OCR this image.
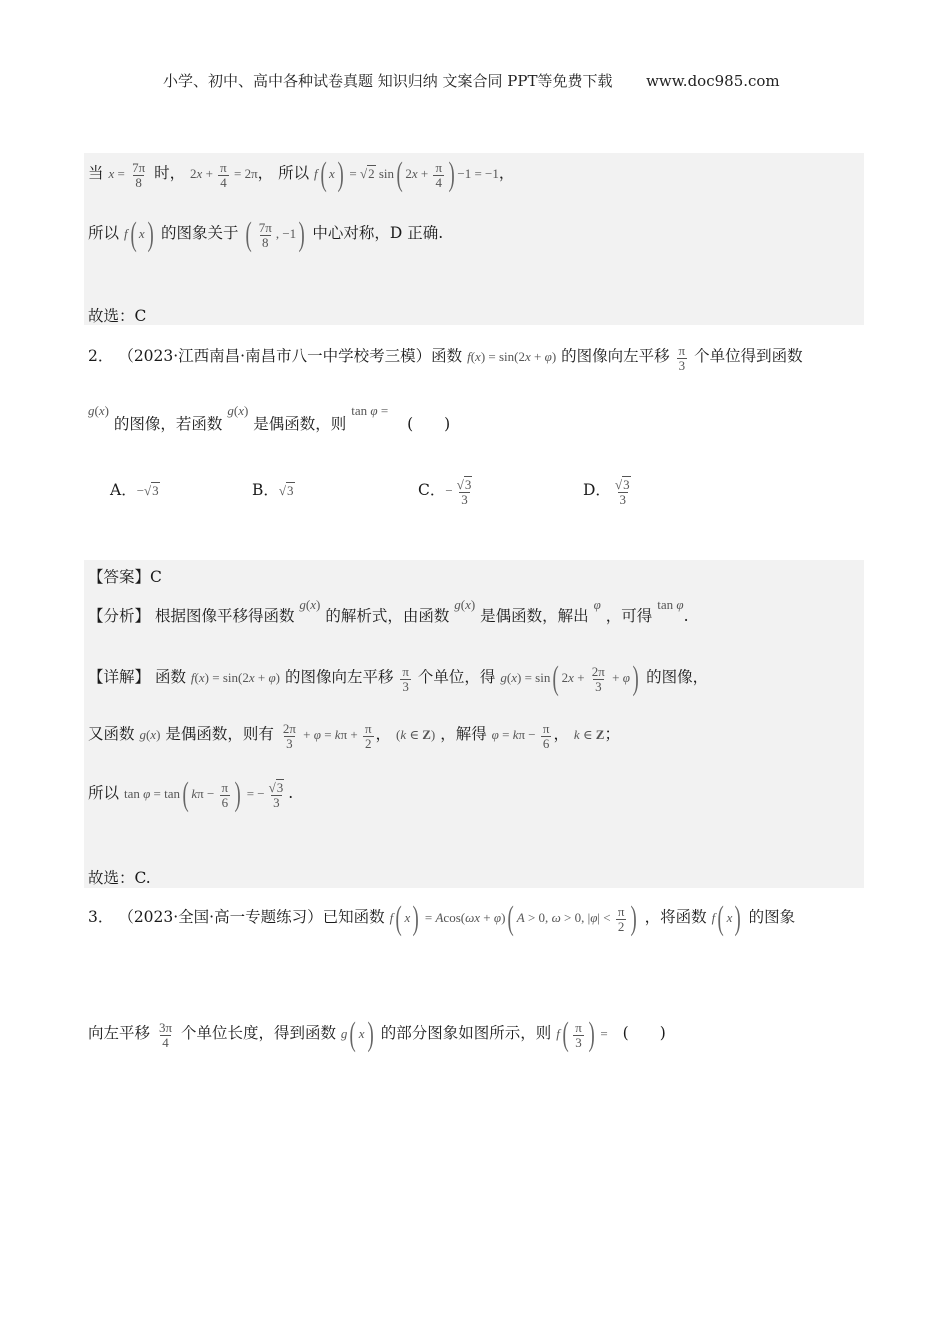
小学、初中、高中各种试卷真题 知识归纳 文案合同 PPT等免费下载 www.doc985.com
当 $x = \frac{7\pi}{8}$ 时， $2x + \frac{\pi}{4} = 2\pi$， 所以 f( x) = √2 sin( $2x + \frac{\pi}{4}$ ) −1 = −1，
所以 f( x) 的图象关于 ( $\frac{7\pi}{8}$ , −1) 中心对称，D 正确.
故选：C
2． （2023·江西南昌·南昌市八一中学校考三模）函数 f(x) = sin(2x + φ) 的图像向左平移 $\frac{\pi}{3}$ 个单位得到函数
$^{g(x)}$ 的图像，若函数 $^{g(x)}$ 是偶函数，则 $^{tan \varphi =}$ (　　)
A．−√3	B．√3	C．− $\frac{√3}{3}$	D． $\frac{√3}{3}$
【答案】C
【分析】 根据图像平移得函数 $^{g(x)}$ 的解析式，由函数 $^{g(x)}$ 是偶函数，解出 $^\varphi$ ，可得 $^{tan \varphi}$.
【详解】 函数 f(x) = sin(2x + φ) 的图像向左平移 $\frac{\pi}{3}$ 个单位，得 g(x) = sin( $2x + \frac{2\pi}{3} + \varphi$) 的图像，
又函数 g(x) 是偶函数，则有 $\frac{2\pi}{3} + \varphi = k\pi + \frac{\pi}{2}$ ， (k ∈ Z) ，解得 $\varphi = k\pi - \frac{\pi}{6}$ ， k ∈ Z；
所以 tan φ = tan( $k\pi - \frac{\pi}{6}$ ) = − $\frac{√3}{3}$ .
故选：C.
3． （2023·全国·高一专题练习）已知函数 f( x) = Acos(ωx + φ)( A > 0, ω > 0, $|\varphi| < \frac{\pi}{2}$ ) ，将函数 f( x) 的图象
向左平移 $\frac{3\pi}{4}$ 个单位长度，得到函数 g( x) 的部分图象如图所示，则 $f( \frac{\pi}{3}$ ) = (　　)
